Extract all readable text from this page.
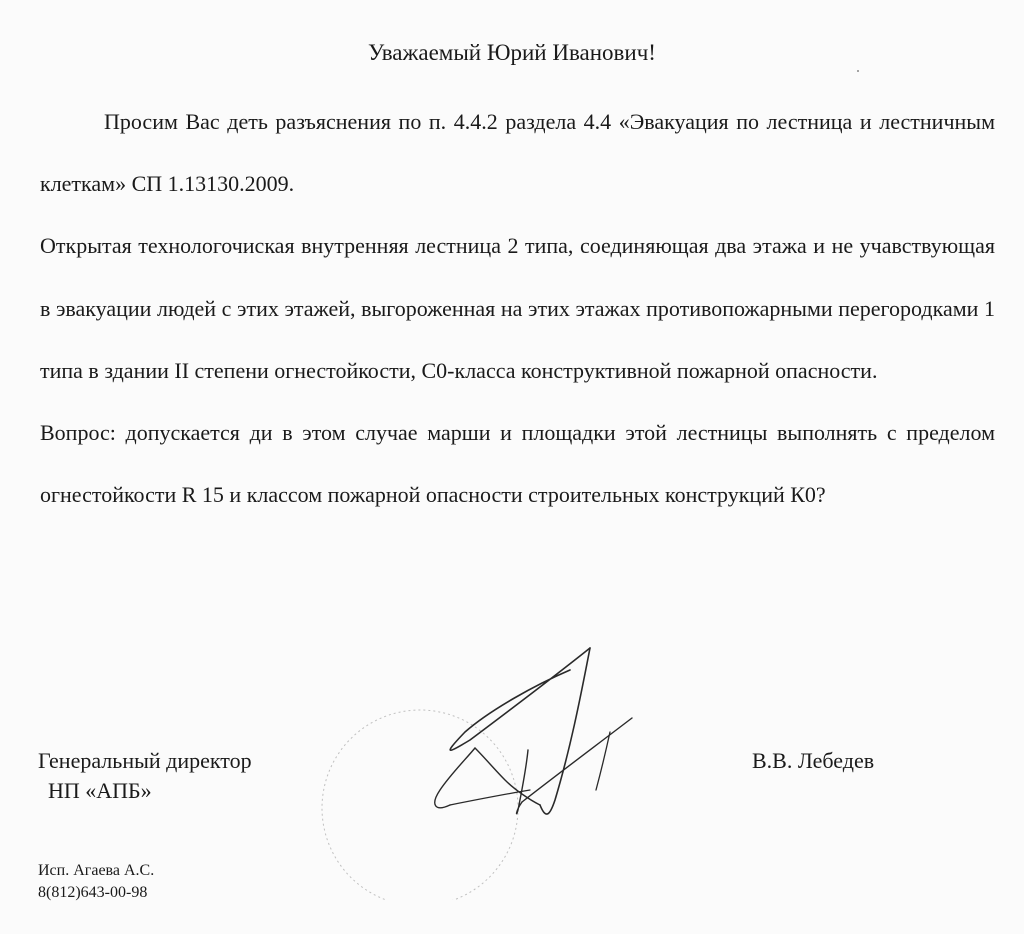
Уважаемый Юрий Иванович!

Просим Вас деть разъяснения по п. 4.4.2 раздела 4.4 «Эвакуация по лестница и лестничным клеткам» СП 1.13130.2009.

Открытая технологочиская внутренняя лестница 2 типа, соединяющая два этажа и не учавствующая в эвакуации людей с этих этажей, выгороженная на этих этажах противопожарными перегородками 1 типа в здании II степени огнестойкости, С0-класса конструктивной пожарной опасности.

Вопрос: допускается ди в этом случае марши и площадки этой лестницы выполнять с пределом огнестойкости R 15 и классом пожарной опасности строительных конструкций К0?

Генеральный директор
НП «АПБ»
В.В. Лебедев
Исп. Агаева А.С.
8(812)643-00-98
